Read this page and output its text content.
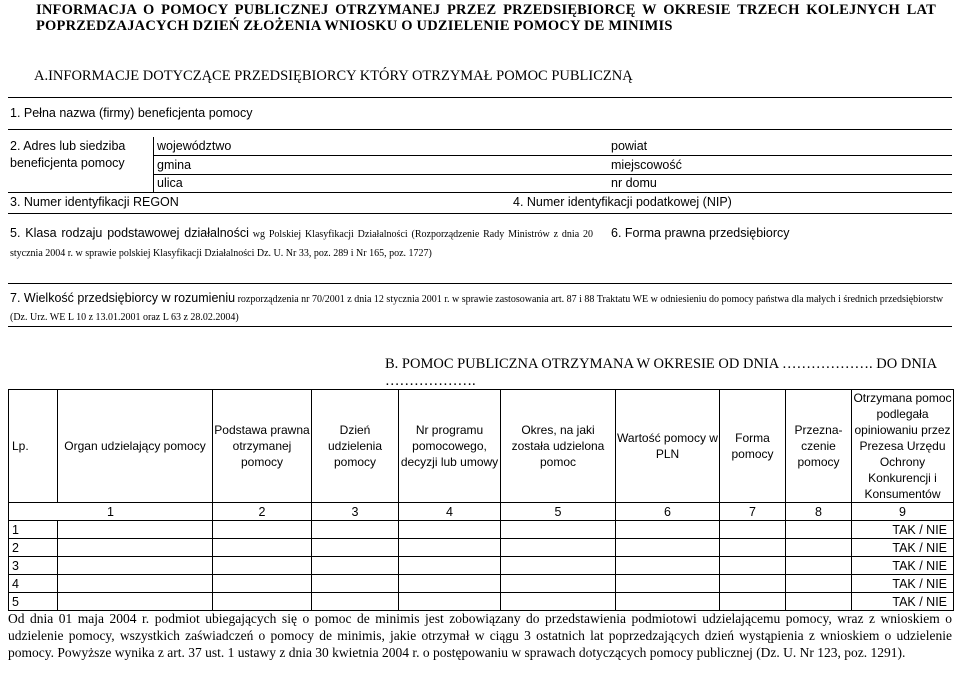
INFORMACJA O POMOCY PUBLICZNEJ OTRZYMANEJ PRZEZ PRZEDSIĘBIORCĘ W OKRESIE TRZECH KOLEJNYCH LAT POPRZEDZAJACYCH DZIEŃ ZŁOŻENIA WNIOSKU O UDZIELENIE POMOCY DE MINIMIS
A.INFORMACJE DOTYCZĄCE PRZEDSIĘBIORCY KTÓRY OTRZYMAŁ POMOC PUBLICZNĄ
1. Pełna nazwa (firmy) beneficjenta pomocy
2. Adres lub siedziba
beneficjenta pomocy
województwo	powiat
gmina	miejscowość
ulica	nr domu
3. Numer identyfikacji REGON	4. Numer identyfikacji podatkowej (NIP)
5. Klasa rodzaju podstawowej działalności wg Polskiej Klasyfikacji Działalności (Rozporządzenie Rady Ministrów z dnia 20 stycznia 2004 r. w sprawie polskiej Klasyfikacji Działalności Dz. U. Nr 33, poz. 289 i Nr 165, poz. 1727)
6. Forma prawna przedsiębiorcy
7. Wielkość przedsiębiorcy w rozumieniu rozporządzenia nr 70/2001 z dnia 12 stycznia 2001 r. w sprawie zastosowania art. 87 i 88 Traktatu WE w odniesieniu do pomocy państwa dla małych i średnich przedsiębiorstw (Dz. Urz. WE L 10 z 13.01.2001 oraz L 63 z 28.02.2004)
B. POMOC PUBLICZNA OTRZYMANA W OKRESIE OD DNIA ………………. DO DNIA ……………….
Lp.	Organ udzielający pomocy	Podstawa prawna otrzymanej pomocy	Dzień udzielenia pomocy	Nr programu pomocowego, decyzji lub umowy	Okres, na jaki została udzielona pomoc	Wartość pomocy w PLN	Forma pomocy	Przezna-czenie pomocy	Otrzymana pomoc podlegała opiniowaniu przez Prezesa Urzędu Ochrony Konkurencji i Konsumentów
1		2	3	4	5	6	7	8	9
1									TAK / NIE
2									TAK / NIE
3									TAK / NIE
4									TAK / NIE
5									TAK / NIE
Od dnia 01 maja 2004 r. podmiot ubiegających się o pomoc de minimis jest zobowiązany do przedstawienia podmiotowi udzielającemu pomocy, wraz z wnioskiem o udzielenie pomocy, wszystkich zaświadczeń o pomocy de minimis, jakie otrzymał w ciągu 3 ostatnich lat poprzedzających dzień wystąpienia z wnioskiem o udzielenie pomocy. Powyższe wynika z art. 37 ust. 1 ustawy z dnia 30 kwietnia 2004 r. o postępowaniu w sprawach dotyczących pomocy publicznej (Dz. U. Nr 123, poz. 1291).
